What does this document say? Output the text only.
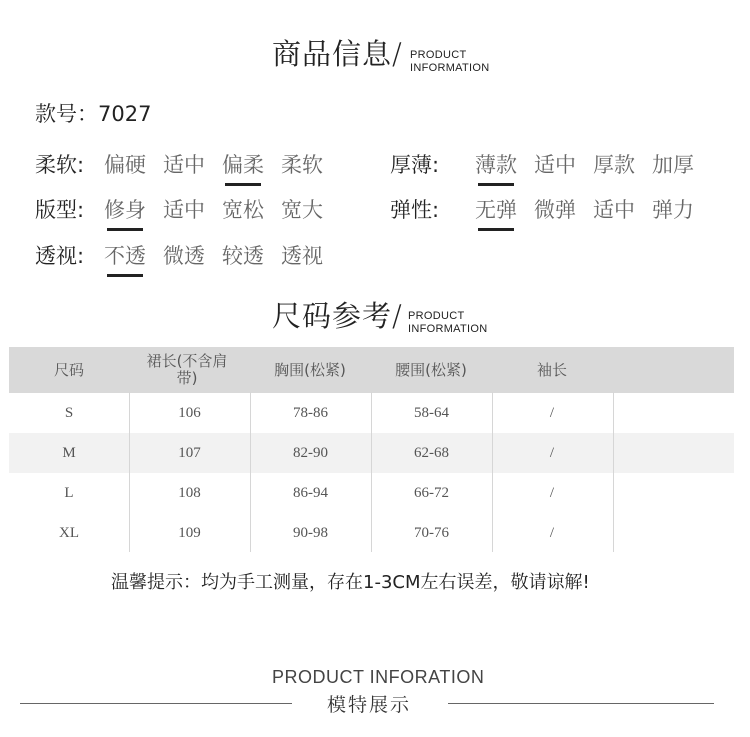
商品信息/ PRODUCT
INFORMATION
款号：7027
柔软: 偏硬 适中 偏柔 柔软	厚薄: 薄款 适中 厚款 加厚
版型: 修身 适中 宽松 宽大	弹性: 无弹 微弹 适中 弹力
透视: 不透 微透 较透 透视
尺码参考/ PRODUCT
INFORMATION
尺码	裙长(不含肩带)	胸围(松紧)	腰围(松紧)	袖长
S	106	78-86	58-64	/
M	107	82-90	62-68	/
L	108	86-94	66-72	/
XL	109	90-98	70-76	/
温馨提示：均为手工测量，存在1-3CM左右误差，敬请谅解!
PRODUCT INFORATION
模特展示
